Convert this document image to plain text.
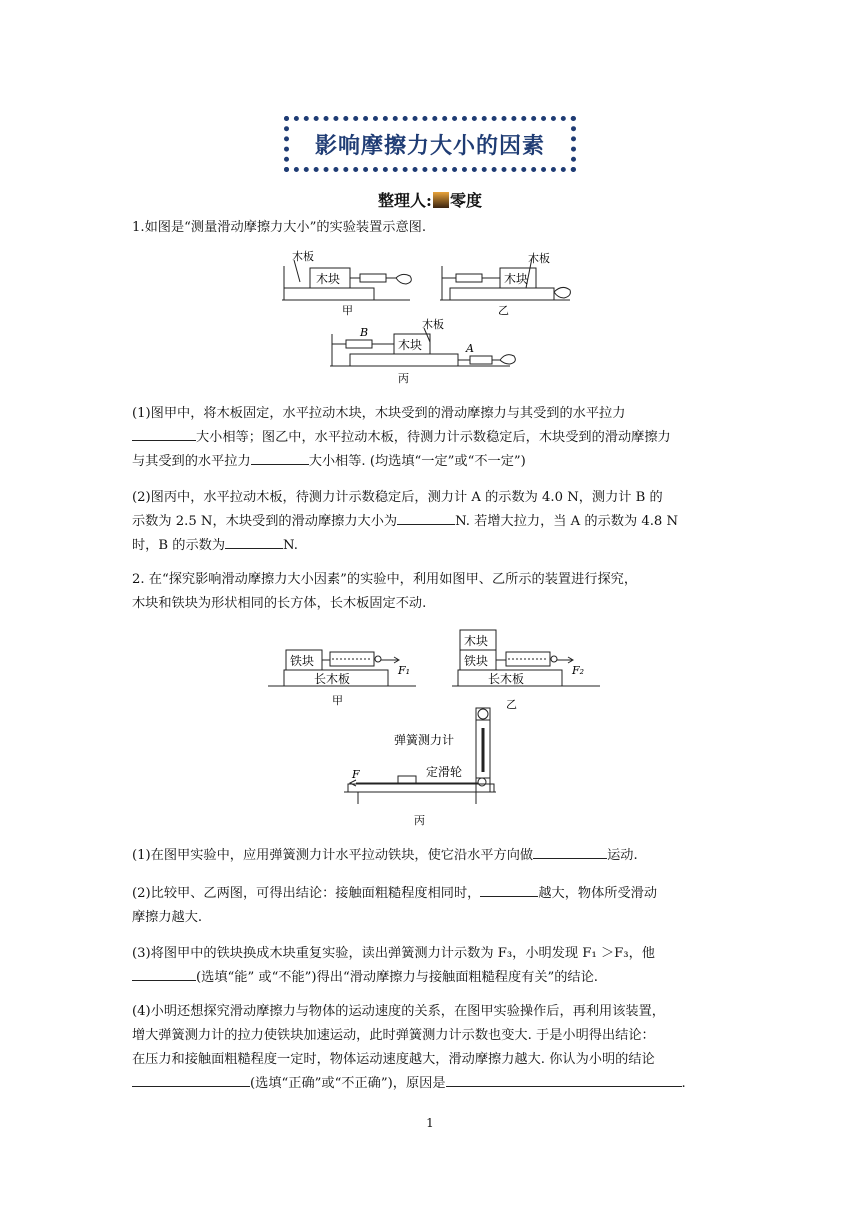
影响摩擦力大小的因素
整理人: 零度

1.如图是“测量滑动摩擦力大小”的实验装置示意图.

木板
木块
甲
木板
木块
乙
B
木块
木板
A
丙

(1)图甲中，将木板固定，水平拉动木块，木块受到的滑动摩擦力与其受到的水平拉力
大小相等；图乙中，水平拉动木板，待测力计示数稳定后，木块受到的滑动摩擦力
与其受到的水平拉力	大小相等. (均选填“一定”或“不一定”)

(2)图丙中，水平拉动木板，待测力计示数稳定后，测力计 A 的示数为 4.0 N，测力计 B 的
示数为 2.5 N，木块受到的滑动摩擦力大小为	N. 若增大拉力，当 A 的示数为 4.8 N
时，B 的示数为	N.

2. 在“探究影响滑动摩擦力大小因素”的实验中，利用如图甲、乙所示的装置进行探究，
木块和铁块为形状相同的长方体，长木板固定不动.

铁块
长木板
F₁
甲
木块
铁块
长木板
F₂
乙
弹簧测力计
定滑轮
F
丙

(1)在图甲实验中，应用弹簧测力计水平拉动铁块，使它沿水平方向做	运动.

(2)比较甲、乙两图，可得出结论：接触面粗糙程度相同时，	越大，物体所受滑动
摩擦力越大.

(3)将图甲中的铁块换成木块重复实验，读出弹簧测力计示数为 F₃，小明发现 F₁ ＞F₃，他
(选填“能” 或“不能”)得出“滑动摩擦力与接触面粗糙程度有关”的结论.

(4)小明还想探究滑动摩擦力与物体的运动速度的关系，在图甲实验操作后，再利用该装置，
增大弹簧测力计的拉力使铁块加速运动，此时弹簧测力计示数也变大. 于是小明得出结论：
在压力和接触面粗糙程度一定时，物体运动速度越大，滑动摩擦力越大. 你认为小明的结论
(选填“正确”或“不正确”)，原因是	.

1
